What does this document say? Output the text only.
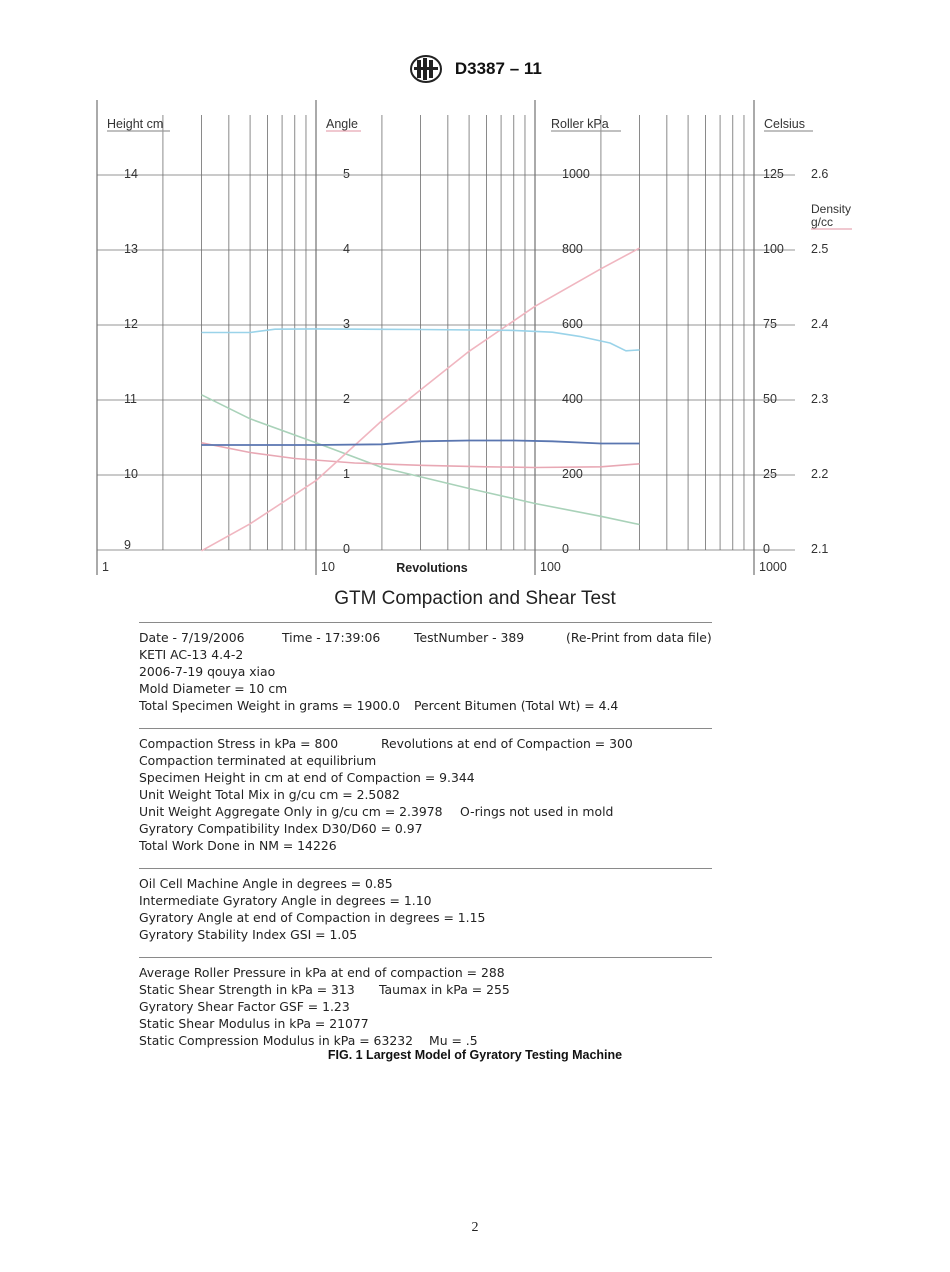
D3387 – 11
Height cm	Angle	Roller kPa	Celsius
Density
g/cc
14
13
12
11
10
9
5
4
3
2
1
0
1000
800
600
400
200
0
125
100
75
50
25
0
2.6
2.5
2.4
2.3
2.2
2.1
1	10	100	1000
Revolutions
GTM Compaction and Shear Test
Date - 7/19/2006	Time - 17:39:06	TestNumber - 389	(Re-Print from data file)
KETI AC-13 4.4-2
2006-7-19 qouya xiao
Mold Diameter = 10 cm
Total Specimen Weight in grams = 1900.0 Percent Bitumen (Total Wt) = 4.4
Compaction Stress in kPa = 800	Revolutions at end of Compaction = 300
Compaction terminated at equilibrium
Specimen Height in cm at end of Compaction = 9.344
Unit Weight Total Mix in g/cu cm = 2.5082
Unit Weight Aggregate Only in g/cu cm = 2.3978 O-rings not used in mold
Gyratory Compatibility Index D30/D60 = 0.97
Total Work Done in NM = 14226
Oil Cell Machine Angle in degrees = 0.85
Intermediate Gyratory Angle in degrees = 1.10
Gyratory Angle at end of Compaction in degrees = 1.15
Gyratory Stability Index GSI = 1.05
Average Roller Pressure in kPa at end of compaction = 288
Static Shear Strength in kPa = 313 Taumax in kPa = 255
Gyratory Shear Factor GSF = 1.23
Static Shear Modulus in kPa = 21077
Static Compression Modulus in kPa = 63232 Mu = .5
FIG. 1 Largest Model of Gyratory Testing Machine
2
